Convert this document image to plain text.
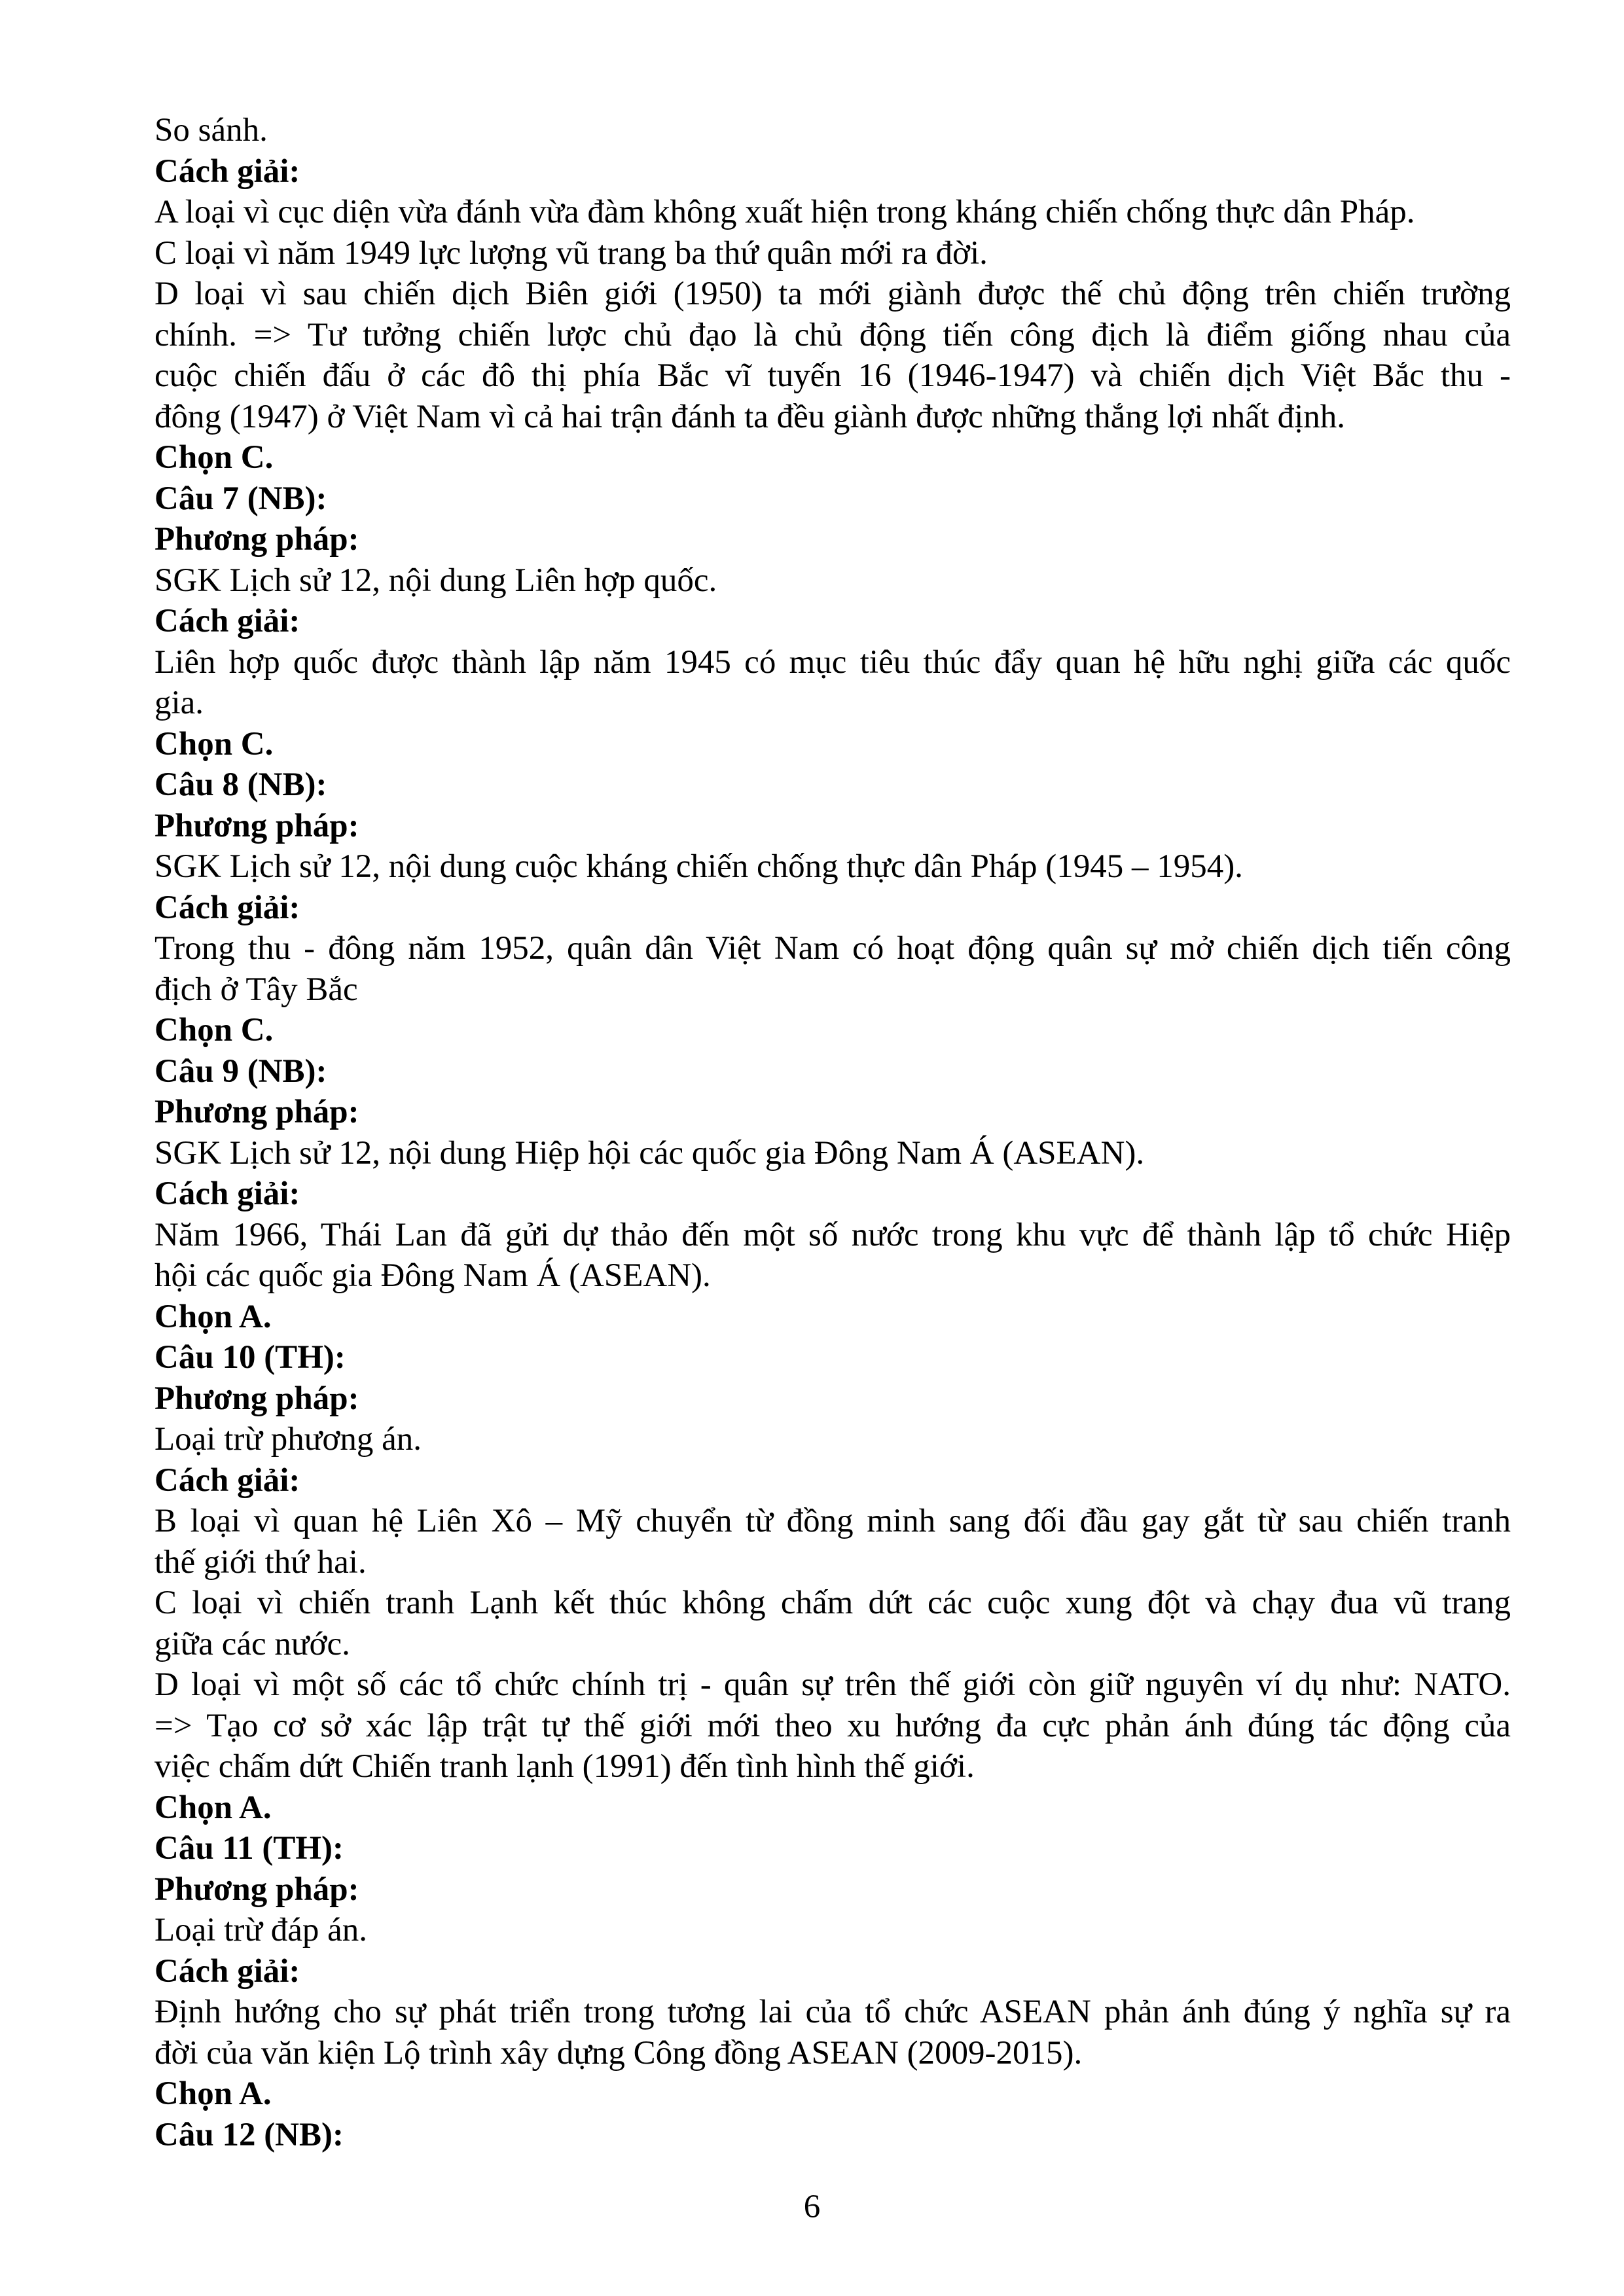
So sánh.
Cách giải:
A loại vì cục diện vừa đánh vừa đàm không xuất hiện trong kháng chiến chống thực dân Pháp.
C loại vì năm 1949 lực lượng vũ trang ba thứ quân mới ra đời.
D loại vì sau chiến dịch Biên giới (1950) ta mới giành được thế chủ động trên chiến trường
chính. => Tư tưởng chiến lược chủ đạo là chủ động tiến công địch là điểm giống nhau của
cuộc chiến đấu ở các đô thị phía Bắc vĩ tuyến 16 (1946-1947) và chiến dịch Việt Bắc thu -
đông (1947) ở Việt Nam vì cả hai trận đánh ta đều giành được những thắng lợi nhất định.
Chọn C.
Câu 7 (NB):
Phương pháp:
SGK Lịch sử 12, nội dung Liên hợp quốc.
Cách giải:
Liên hợp quốc được thành lập năm 1945 có mục tiêu thúc đẩy quan hệ hữu nghị giữa các quốc
gia.
Chọn C.
Câu 8 (NB):
Phương pháp:
SGK Lịch sử 12, nội dung cuộc kháng chiến chống thực dân Pháp (1945 – 1954).
Cách giải:
Trong thu - đông năm 1952, quân dân Việt Nam có hoạt động quân sự mở chiến dịch tiến công
địch ở Tây Bắc
Chọn C.
Câu 9 (NB):
Phương pháp:
SGK Lịch sử 12, nội dung Hiệp hội các quốc gia Đông Nam Á (ASEAN).
Cách giải:
Năm 1966, Thái Lan đã gửi dự thảo đến một số nước trong khu vực để thành lập tổ chức Hiệp
hội các quốc gia Đông Nam Á (ASEAN).
Chọn A.
Câu 10 (TH):
Phương pháp:
Loại trừ phương án.
Cách giải:
B loại vì quan hệ Liên Xô – Mỹ chuyển từ đồng minh sang đối đầu gay gắt từ sau chiến tranh
thế giới thứ hai.
C loại vì chiến tranh Lạnh kết thúc không chấm dứt các cuộc xung đột và chạy đua vũ trang
giữa các nước.
D loại vì một số các tổ chức chính trị - quân sự trên thế giới còn giữ nguyên ví dụ như: NATO.
=> Tạo cơ sở xác lập trật tự thế giới mới theo xu hướng đa cực phản ánh đúng tác động của
việc chấm dứt Chiến tranh lạnh (1991) đến tình hình thế giới.
Chọn A.
Câu 11 (TH):
Phương pháp:
Loại trừ đáp án.
Cách giải:
Định hướng cho sự phát triển trong tương lai của tổ chức ASEAN phản ánh đúng ý nghĩa sự ra
đời của văn kiện Lộ trình xây dựng Công đồng ASEAN (2009-2015).
Chọn A.
Câu 12 (NB):
6
